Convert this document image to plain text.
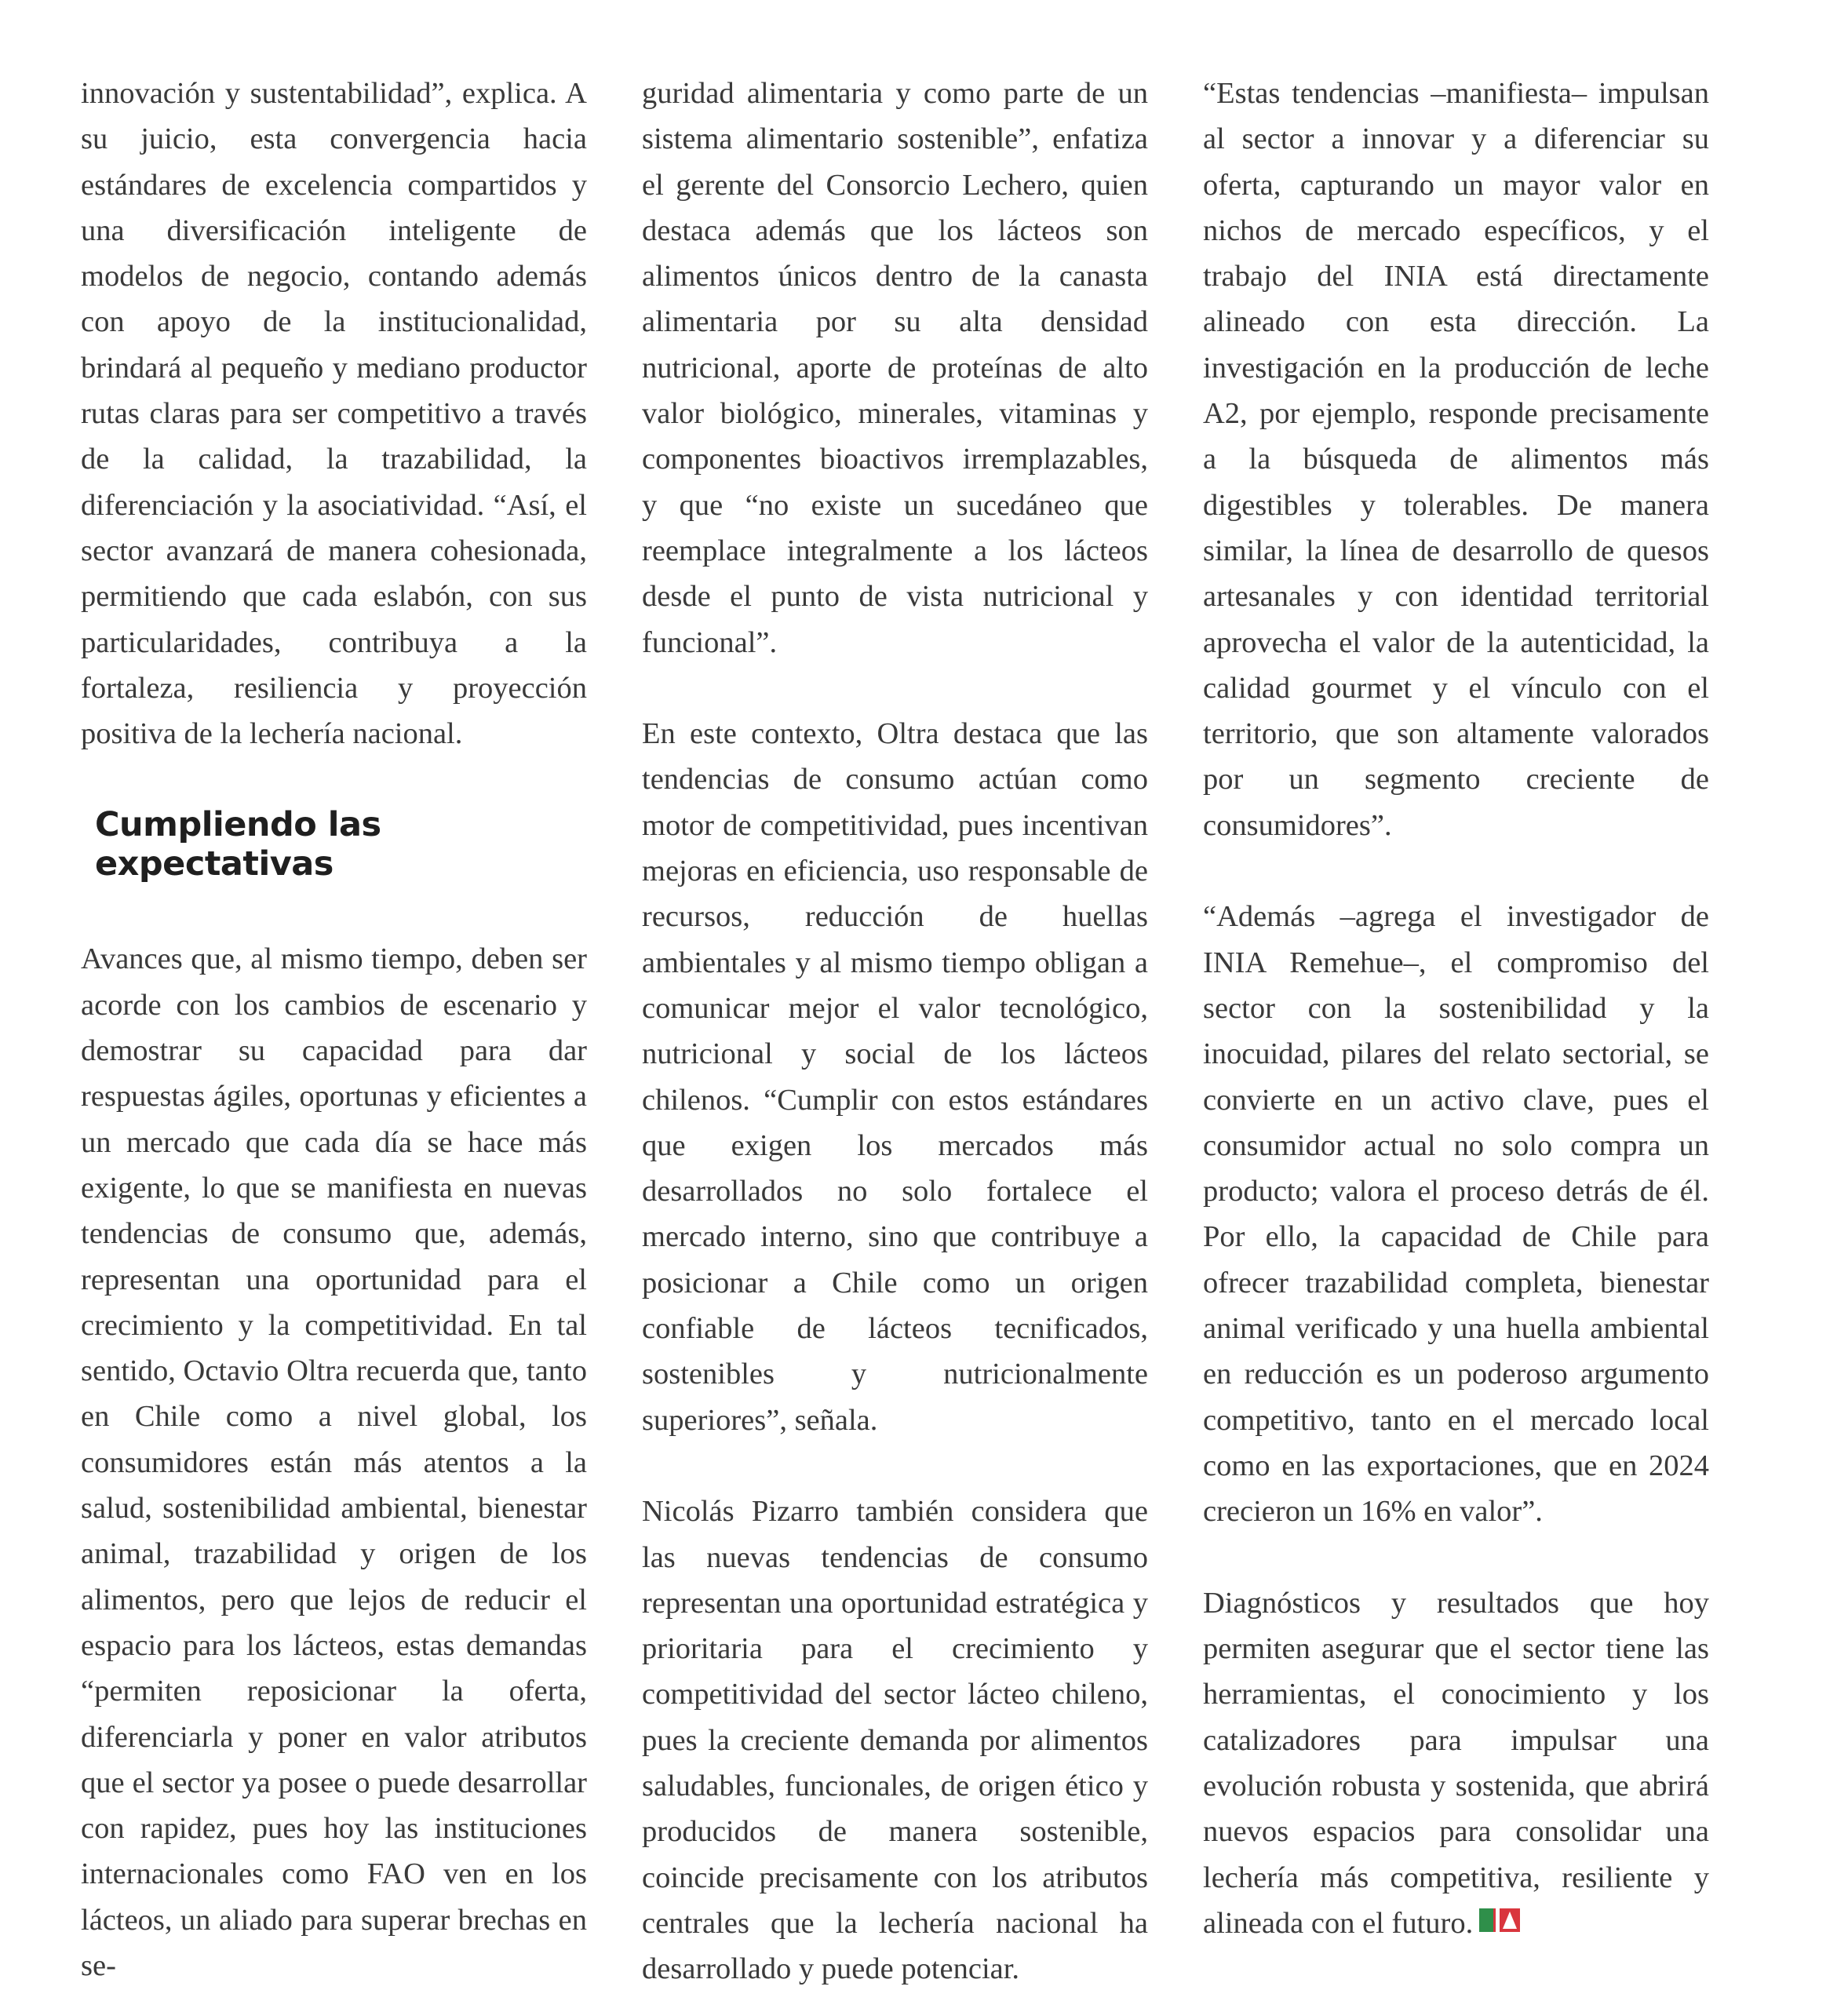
innovación y sustentabilidad”, explica. A su juicio, esta convergencia hacia estándares de excelencia compartidos y una diversificación inteligente de modelos de negocio, contando además con apoyo de la institucionalidad, brindará al pequeño y mediano productor rutas claras para ser competitivo a través de la calidad, la trazabilidad, la diferenciación y la asociatividad. “Así, el sector avanzará de manera cohesionada, permitiendo que cada eslabón, con sus particularidades, contribuya a la fortaleza, resiliencia y proyección positiva de la lechería nacional.

Cumpliendo las expectativas

Avances que, al mismo tiempo, deben ser acorde con los cambios de escenario y demostrar su capacidad para dar respuestas ágiles, oportunas y eficientes a un mercado que cada día se hace más exigente, lo que se manifiesta en nuevas tendencias de consumo que, además, representan una oportunidad para el crecimiento y la competitividad. En tal sentido, Octavio Oltra recuerda que, tanto en Chile como a nivel global, los consumidores están más atentos a la salud, sostenibilidad ambiental, bienestar animal, trazabilidad y origen de los alimentos, pero que lejos de reducir el espacio para los lácteos, estas demandas “permiten reposicionar la oferta, diferenciarla y poner en valor atributos que el sector ya posee o puede desarrollar con rapidez, pues hoy las instituciones internacionales como FAO ven en los lácteos, un aliado para superar brechas en se-

guridad alimentaria y como parte de un sistema alimentario sostenible”, enfatiza el gerente del Consorcio Lechero, quien destaca además que los lácteos son alimentos únicos dentro de la canasta alimentaria por su alta densidad nutricional, aporte de proteínas de alto valor biológico, minerales, vitaminas y componentes bioactivos irremplazables, y que “no existe un sucedáneo que reemplace integralmente a los lácteos desde el punto de vista nutricional y funcional”.

En este contexto, Oltra destaca que las tendencias de consumo actúan como motor de competitividad, pues incentivan mejoras en eficiencia, uso responsable de recursos, reducción de huellas ambientales y al mismo tiempo obligan a comunicar mejor el valor tecnológico, nutricional y social de los lácteos chilenos. “Cumplir con estos estándares que exigen los mercados más desarrollados no solo fortalece el mercado interno, sino que contribuye a posicionar a Chile como un origen confiable de lácteos tecnificados, sostenibles y nutricionalmente superiores”, señala.

Nicolás Pizarro también considera que las nuevas tendencias de consumo representan una oportunidad estratégica y prioritaria para el crecimiento y competitividad del sector lácteo chileno, pues la creciente demanda por alimentos saludables, funcionales, de origen ético y producidos de manera sostenible, coincide precisamente con los atributos centrales que la lechería nacional ha desarrollado y puede potenciar.

“Estas tendencias –manifiesta– impulsan al sector a innovar y a diferenciar su oferta, capturando un mayor valor en nichos de mercado específicos, y el trabajo del INIA está directamente alineado con esta dirección. La investigación en la producción de leche A2, por ejemplo, responde precisamente a la búsqueda de alimentos más digestibles y tolerables. De manera similar, la línea de desarrollo de quesos artesanales y con identidad territorial aprovecha el valor de la autenticidad, la calidad gourmet y el vínculo con el territorio, que son altamente valorados por un segmento creciente de consumidores”.

“Además –agrega el investigador de INIA Remehue–, el compromiso del sector con la sostenibilidad y la inocuidad, pilares del relato sectorial, se convierte en un activo clave, pues el consumidor actual no solo compra un producto; valora el proceso detrás de él. Por ello, la capacidad de Chile para ofrecer trazabilidad completa, bienestar animal verificado y una huella ambiental en reducción es un poderoso argumento competitivo, tanto en el mercado local como en las exportaciones, que en 2024 crecieron un 16% en valor”.

Diagnósticos y resultados que hoy permiten asegurar que el sector tiene las herramientas, el conocimiento y los catalizadores para impulsar una evolución robusta y sostenida, que abrirá nuevos espacios para consolidar una lechería más competitiva, resiliente y alineada con el futuro.
